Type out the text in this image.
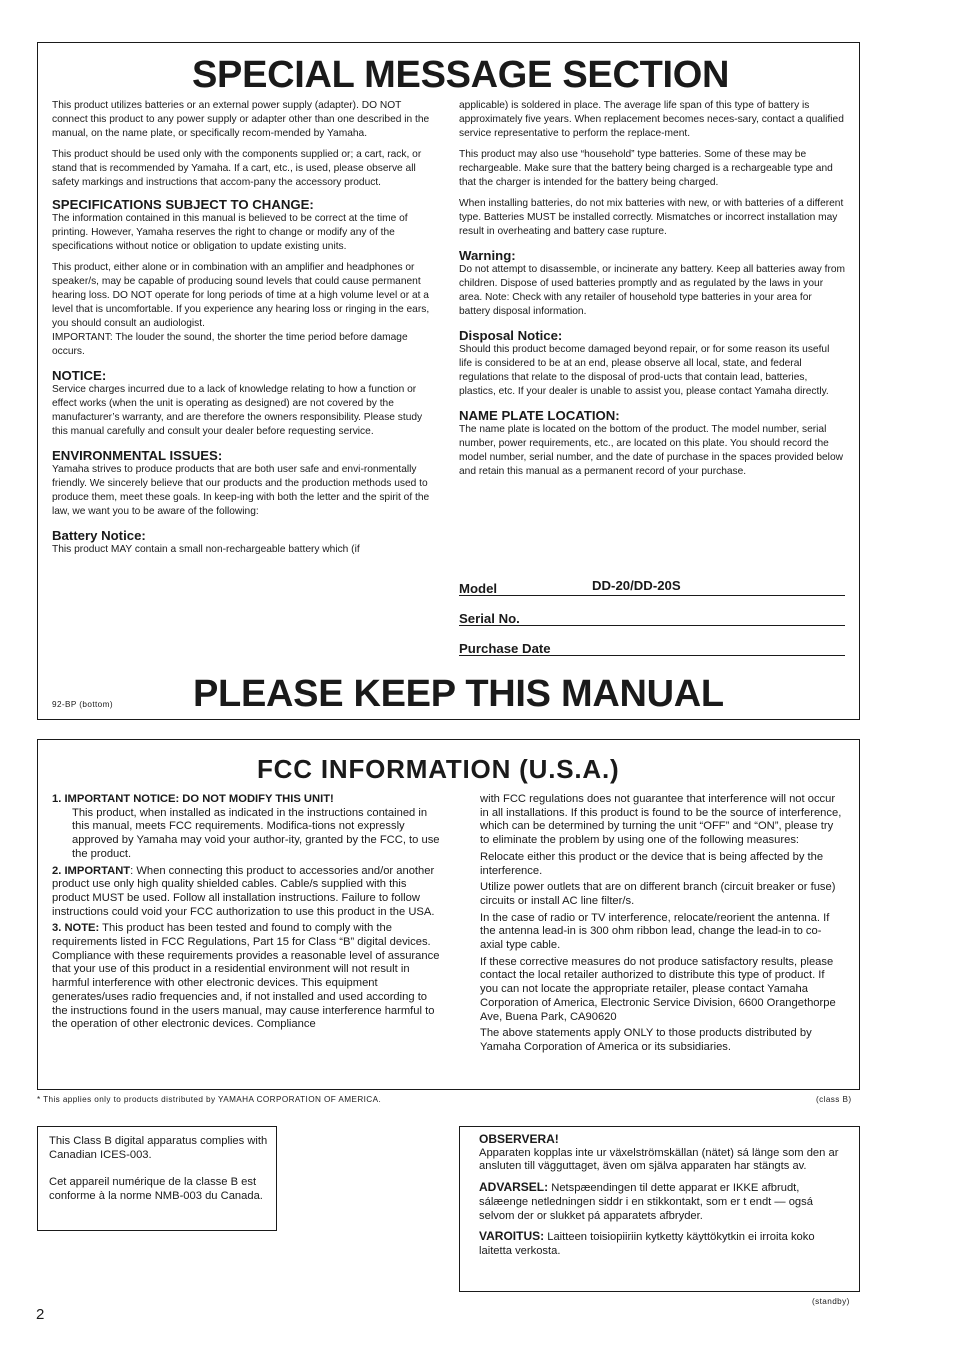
SPECIAL MESSAGE SECTION

This product utilizes batteries or an external power supply (adapter). DO NOT connect this product to any power supply or adapter other than one described in the manual, on the name plate, or specifically recom-mended by Yamaha.

This product should be used only with the components supplied or; a cart, rack, or stand that is recommended by Yamaha. If a cart, etc., is used, please observe all safety markings and instructions that accom-pany the accessory product.

SPECIFICATIONS SUBJECT TO CHANGE:

The information contained in this manual is believed to be correct at the time of printing. However, Yamaha reserves the right to change or modify any of the specifications without notice or obligation to update existing units.

This product, either alone or in combination with an amplifier and headphones or speaker/s, may be capable of producing sound levels that could cause permanent hearing loss. DO NOT operate for long periods of time at a high volume level or at a level that is uncomfortable. If you experience any hearing loss or ringing in the ears, you should consult an audiologist.

IMPORTANT: The louder the sound, the shorter the time period before damage occurs.

NOTICE:

Service charges incurred due to a lack of knowledge relating to how a function or effect works (when the unit is operating as designed) are not covered by the manufacturer’s warranty, and are therefore the owners responsibility. Please study this manual carefully and consult your dealer before requesting service.

ENVIRONMENTAL ISSUES:

Yamaha strives to produce products that are both user safe and envi-ronmentally friendly. We sincerely believe that our products and the production methods used to produce them, meet these goals. In keep-ing with both the letter and the spirit of the law, we want you to be aware of the following:

Battery Notice:

This product MAY contain a small non-rechargeable battery which (if

applicable) is soldered in place. The average life span of this type of battery is approximately five years. When replacement becomes neces-sary, contact a qualified service representative to perform the replace-ment.

This product may also use “household” type batteries. Some of these may be rechargeable. Make sure that the battery being charged is a rechargeable type and that the charger is intended for the battery being charged.

When installing batteries, do not mix batteries with new, or with batteries of a different type. Batteries MUST be installed correctly. Mismatches or incorrect installation may result in overheating and battery case rupture.

Warning:

Do not attempt to disassemble, or incinerate any battery. Keep all batteries away from children. Dispose of used batteries promptly and as regulated by the laws in your area. Note: Check with any retailer of household type batteries in your area for battery disposal information.

Disposal Notice:

Should this product become damaged beyond repair, or for some reason its useful life is considered to be at an end, please observe all local, state, and federal regulations that relate to the disposal of prod-ucts that contain lead, batteries, plastics, etc. If your dealer is unable to assist you, please contact Yamaha directly.

NAME PLATE LOCATION:

The name plate is located on the bottom of the product. The model number, serial number, power requirements, etc., are located on this plate. You should record the model number, serial number, and the date of purchase in the spaces provided below and retain this manual as a permanent record of your purchase.

Model	DD-20/DD-20S
Serial No.
Purchase Date
92-BP (bottom) PLEASE KEEP THIS MANUAL
FCC INFORMATION (U.S.A.)
1. IMPORTANT NOTICE: DO NOT MODIFY THIS UNIT!
This product, when installed as indicated in the instructions contained in this manual, meets FCC requirements. Modifica-tions not expressly approved by Yamaha may void your author-ity, granted by the FCC, to use the product.
2. IMPORTANT: When connecting this product to accessories and/or another product use only high quality shielded cables. Cable/s supplied with this product MUST be used. Follow all installation instructions. Failure to follow instructions could void your FCC authorization to use this product in the USA.
3. NOTE: This product has been tested and found to comply with the requirements listed in FCC Regulations, Part 15 for Class “B” digital devices. Compliance with these requirements provides a reasonable level of assurance that your use of this product in a residential environment will not result in harmful interference with other electronic devices. This equipment generates/uses radio frequencies and, if not installed and used according to the instructions found in the users manual, may cause interference harmful to the operation of other electronic devices. Compliance

with FCC regulations does not guarantee that interference will not occur in all installations. If this product is found to be the source of interference, which can be determined by turning the unit “OFF” and “ON”, please try to eliminate the problem by using one of the following measures:

Relocate either this product or the device that is being affected by the interference.

Utilize power outlets that are on different branch (circuit breaker or fuse) circuits or install AC line filter/s.

In the case of radio or TV interference, relocate/reorient the antenna. If the antenna lead-in is 300 ohm ribbon lead, change the lead-in to co-axial type cable.

If these corrective measures do not produce satisfactory results, please contact the local retailer authorized to distribute this type of product. If you can not locate the appropriate retailer, please contact Yamaha Corporation of America, Electronic Service Division, 6600 Orangethorpe Ave, Buena Park, CA90620

The above statements apply ONLY to those products distributed by Yamaha Corporation of America or its subsidiaries.

* This applies only to products distributed by YAMAHA CORPORATION OF AMERICA.	(class B)

This Class B digital apparatus complies with Canadian ICES-003.

Cet appareil numérique de la classe B est conforme à la norme NMB-003 du Canada.

OBSERVERA!

Apparaten kopplas inte ur växelströmskällan (nätet) sá länge som den ar ansluten till vägguttaget, även om själva apparaten har stängts av.

ADVARSEL: Netspæendingen til dette apparat er IKKE afbrudt, sálæenge netledningen siddr i en stikkontakt, som er t endt — ogsá selvom der or slukket pá apparatets afbryder.

VAROITUS: Laitteen toisiopiiriin kytketty käyttökytkin ei irroita koko laitetta verkosta.

(standby)
2
